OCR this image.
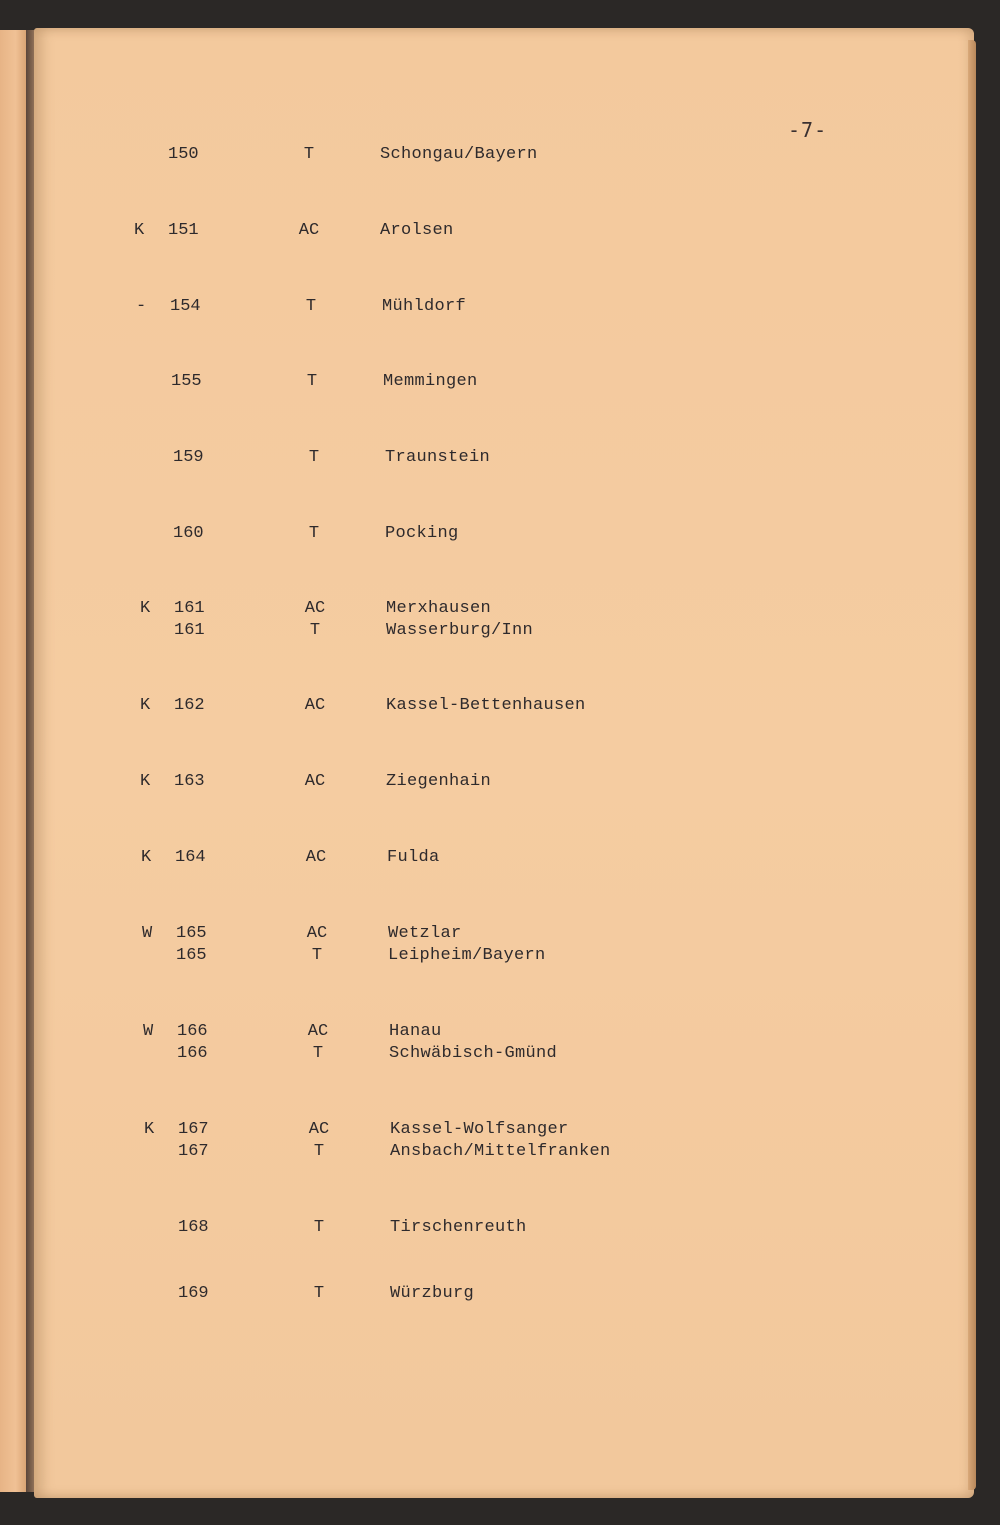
-7-
150	T	Schongau/Bayern
K 151	AC	Arolsen
- 154	T	Mühldorf
155	T	Memmingen
159	T	Traunstein
160	T	Pocking
K 161	AC	Merxhausen
161	T	Wasserburg/Inn
K 162	AC	Kassel-Bettenhausen
K 163	AC	Ziegenhain
K 164	AC	Fulda
W 165	AC	Wetzlar
165	T	Leipheim/Bayern
W 166	AC	Hanau
166	T	Schwäbisch-Gmünd
K 167	AC	Kassel-Wolfsanger
167	T	Ansbach/Mittelfranken
168	T	Tirschenreuth
169	T	Würzburg
